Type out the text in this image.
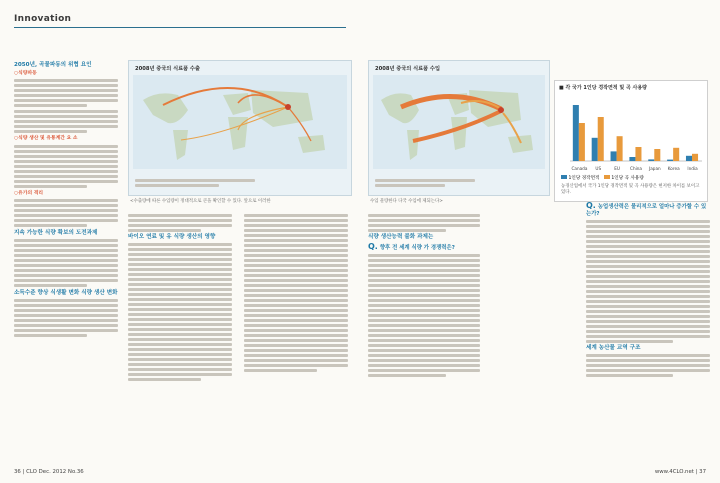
Innovation
2050년, 곡물파동의 위협 요인
○식량파동
○식량 생산 및 유통계간 요 소
○유가의 격리
지속 가능한 식량 확보의 도전과제
소득수준 향상 식생활 변화 식량 생산 변화
2008년 중국의 식료품 수출
<수출량에 따른 수입량이 정대적으로 큰을 확인할 수 있다. 앞으로 이러한
바이오 연료 및 유 식량 생산의 영향
36 | CLO Dec. 2012 No.36
2008년 중국의 식료품 수입
수입 물량한다 다국 수입에 제되는다>
■ 각 국가 1인당 경작면적 및 곡 사용량
Canada US	EU China Japan Korea India
1인당 경작면적	1인당 곡 사용량
농경산업에서 국가 1인당 경작면적 및 곡 사용량은 현저한 차이를 보이고 있다.
식량 생산능력 불화 과제는
Q. 향후 전 세계 식량 가 경쟁력은?
Q. 농업생산력은 물리적으로 얼마나 증가할 수 있는가?
세계 농산물 교역 구조
www.4CLO.net | 37
